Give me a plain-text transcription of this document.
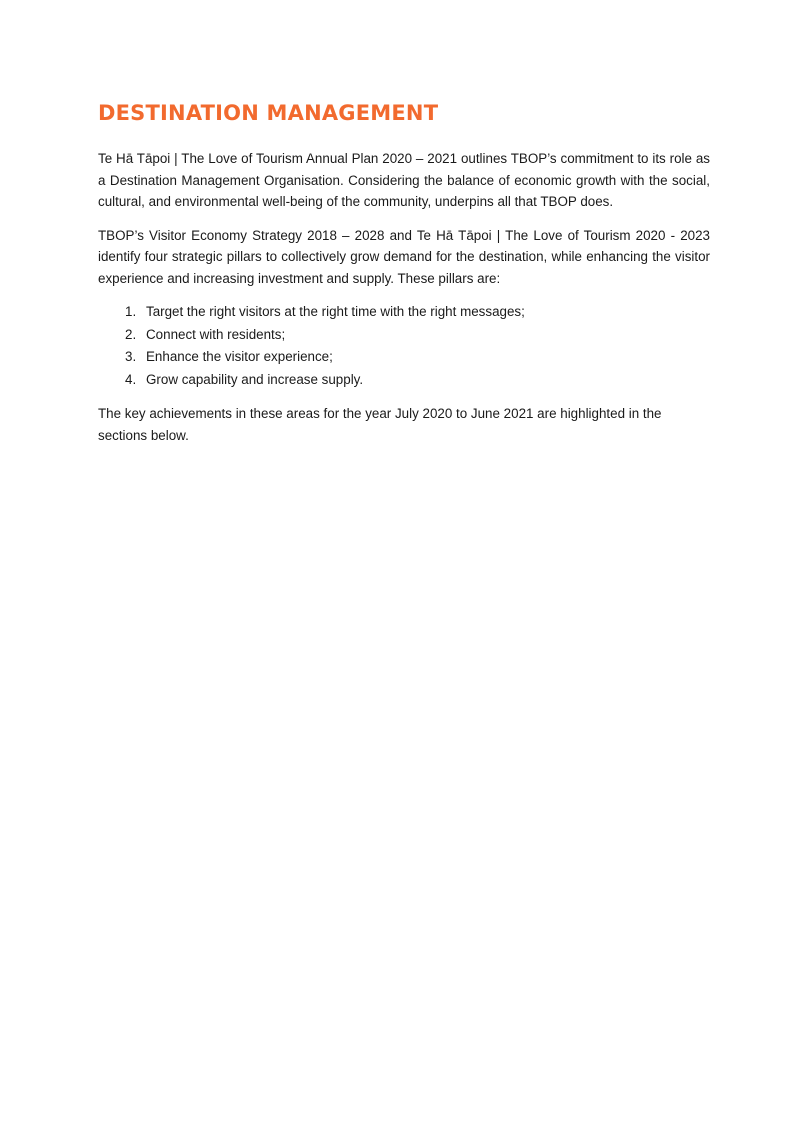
DESTINATION MANAGEMENT

Te Hā Tāpoi | The Love of Tourism Annual Plan 2020 – 2021 outlines TBOP’s commitment to its role as a Destination Management Organisation. Considering the balance of economic growth with the social, cultural, and environmental well-being of the community, underpins all that TBOP does.

TBOP’s Visitor Economy Strategy 2018 – 2028 and Te Hā Tāpoi | The Love of Tourism 2020 - 2023 identify four strategic pillars to collectively grow demand for the destination, while enhancing the visitor experience and increasing investment and supply. These pillars are:

1. Target the right visitors at the right time with the right messages;
2. Connect with residents;
3. Enhance the visitor experience;
4. Grow capability and increase supply.

The key achievements in these areas for the year July 2020 to June 2021 are highlighted in the sections below.
